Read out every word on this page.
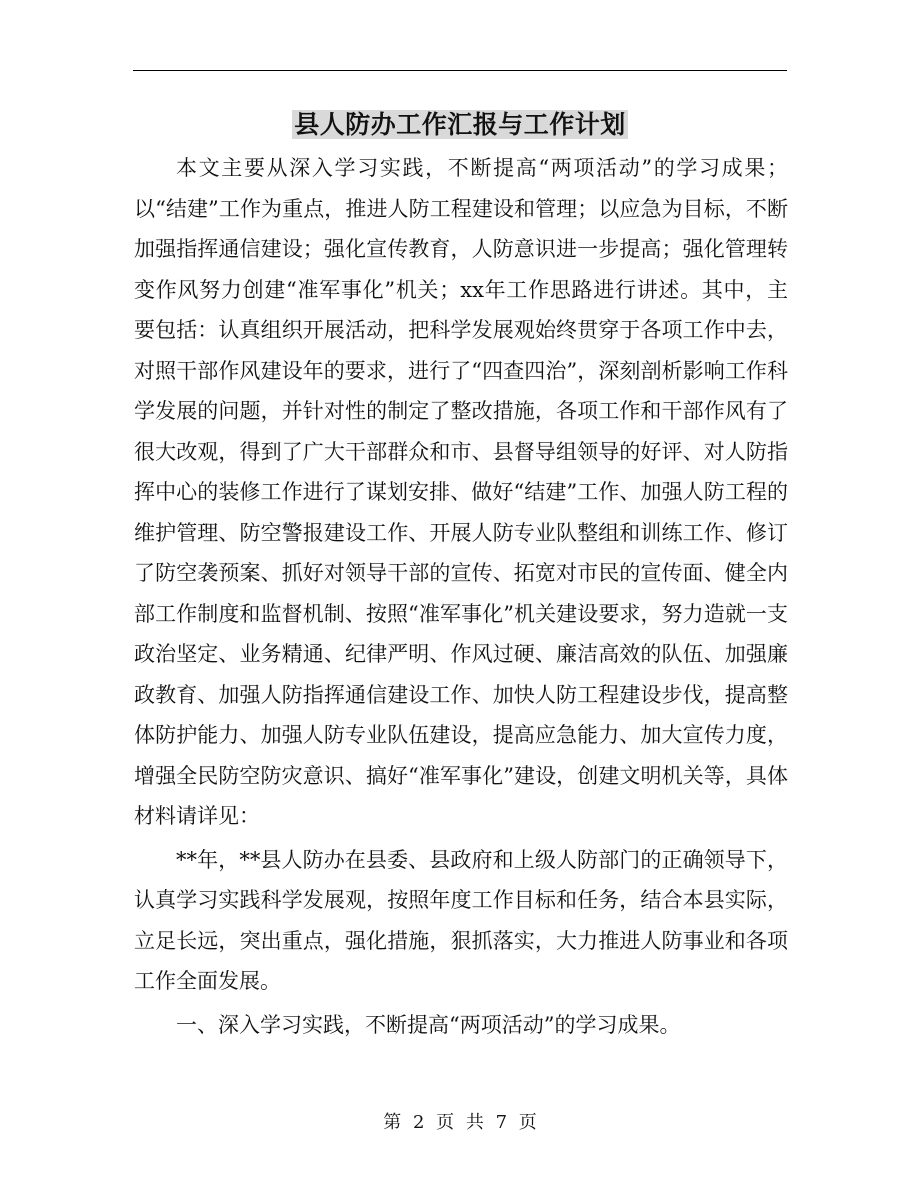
县人防办工作汇报与工作计划

本文主要从深入学习实践，不断提高“两项活动”的学习成果；以“结建”工作为重点，推进人防工程建设和管理；以应急为目标，不断加强指挥通信建设；强化宣传教育，人防意识进一步提高；强化管理转变作风努力创建“准军事化”机关；xx年工作思路进行讲述。其中，主要包括：认真组织开展活动，把科学发展观始终贯穿于各项工作中去，对照干部作风建设年的要求，进行了“四查四治”，深刻剖析影响工作科学发展的问题，并针对性的制定了整改措施，各项工作和干部作风有了很大改观，得到了广大干部群众和市、县督导组领导的好评、对人防指挥中心的装修工作进行了谋划安排、做好“结建”工作、加强人防工程的维护管理、防空警报建设工作、开展人防专业队整组和训练工作、修订了防空袭预案、抓好对领导干部的宣传、拓宽对市民的宣传面、健全内部工作制度和监督机制、按照“准军事化”机关建设要求，努力造就一支政治坚定、业务精通、纪律严明、作风过硬、廉洁高效的队伍、加强廉政教育、加强人防指挥通信建设工作、加快人防工程建设步伐，提高整体防护能力、加强人防专业队伍建设，提高应急能力、加大宣传力度，增强全民防空防灾意识、搞好“准军事化”建设，创建文明机关等，具体材料请详见：

**年，**县人防办在县委、县政府和上级人防部门的正确领导下，认真学习实践科学发展观，按照年度工作目标和任务，结合本县实际，立足长远，突出重点，强化措施，狠抓落实，大力推进人防事业和各项工作全面发展。

一、深入学习实践，不断提高“两项活动”的学习成果。

第 2 页 共 7 页
